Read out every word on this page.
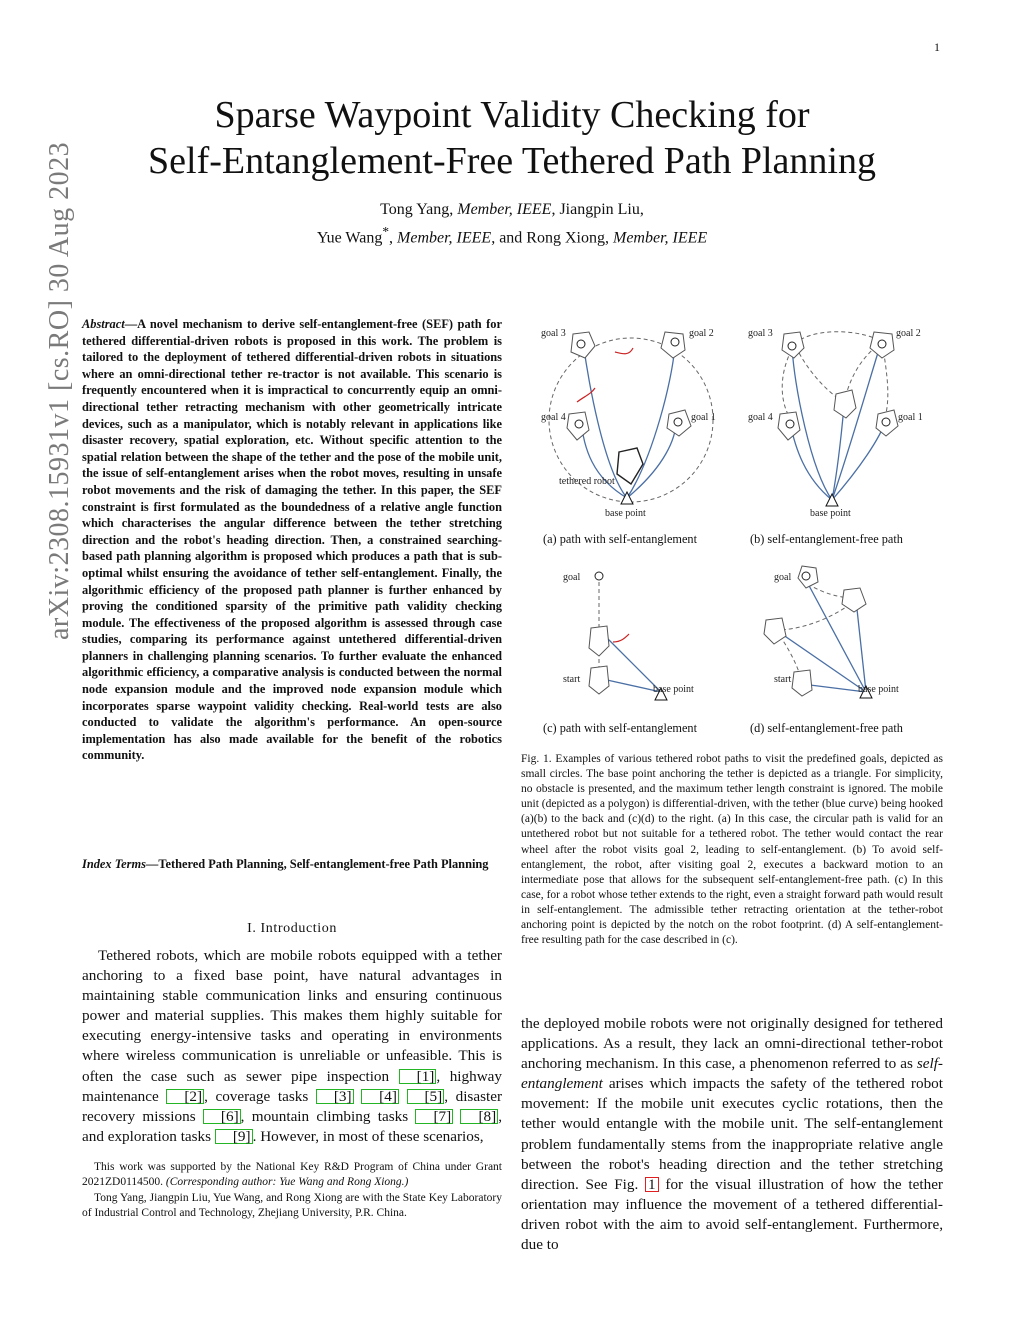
1
arXiv:2308.15931v1 [cs.RO] 30 Aug 2023
Sparse Waypoint Validity Checking for
Self-Entanglement-Free Tethered Path Planning
Tong Yang, Member, IEEE, Jiangpin Liu,
Yue Wang*, Member, IEEE, and Rong Xiong, Member, IEEE

Abstract—A novel mechanism to derive self-entanglement-free (SEF) path for tethered differential-driven robots is proposed in this work. The problem is tailored to the deployment of tethered differential-driven robots in situations where an omni-directional tether re-tractor is not available. This scenario is frequently encountered when it is impractical to concurrently equip an omni-directional tether retracting mechanism with other geometrically intricate devices, such as a manipulator, which is notably relevant in applications like disaster recovery, spatial exploration, etc. Without specific attention to the spatial relation between the shape of the tether and the pose of the mobile unit, the issue of self-entanglement arises when the robot moves, resulting in unsafe robot movements and the risk of damaging the tether. In this paper, the SEF constraint is first formulated as the boundedness of a relative angle function which characterises the angular difference between the tether stretching direction and the robot's heading direction. Then, a constrained searching-based path planning algorithm is proposed which produces a path that is sub-optimal whilst ensuring the avoidance of tether self-entanglement. Finally, the algorithmic efficiency of the proposed path planner is further enhanced by proving the conditioned sparsity of the primitive path validity checking module. The effectiveness of the proposed algorithm is assessed through case studies, comparing its performance against untethered differential-driven planners in challenging planning scenarios. To further evaluate the enhanced algorithmic efficiency, a comparative analysis is conducted between the normal node expansion module and the improved node expansion module which incorporates sparse waypoint validity checking. Real-world tests are also conducted to validate the algorithm's performance. An open-source implementation has also made available for the benefit of the robotics community.

Index Terms—Tethered Path Planning, Self-entanglement-free Path Planning

I. Introduction

Tethered robots, which are mobile robots equipped with a tether anchoring to a fixed base point, have natural advantages in maintaining stable communication links and ensuring continuous power and material supplies. This makes them highly suitable for executing energy-intensive tasks and operating in environments where wireless communication is unreliable or unfeasible. This is often the case such as sewer pipe inspection [1] , highway maintenance [2] , coverage tasks [3] [4] [5] , disaster recovery missions [6] , mountain climbing tasks [7] [8] , and exploration tasks [9] . However, in most of these scenarios,

This work was supported by the National Key R&D Program of China under Grant 2021ZD0114500. (Corresponding author: Yue Wang and Rong Xiong.)

Tong Yang, Jiangpin Liu, Yue Wang, and Rong Xiong are with the State Key Laboratory of Industrial Control and Technology, Zhejiang University, P.R. China.

goal 3	goal 2
goal 4	goal 1
tethered robot
base point
(a) path with self-entanglement
goal 3	goal 2
goal 4	goal 1
base point
(b) self-entanglement-free path
goal
start
base point
(c) path with self-entanglement
goal
start
base point
(d) self-entanglement-free path

Fig. 1. Examples of various tethered robot paths to visit the predefined goals, depicted as small circles. The base point anchoring the tether is depicted as a triangle. For simplicity, no obstacle is presented, and the maximum tether length constraint is ignored. The mobile unit (depicted as a polygon) is differential-driven, with the tether (blue curve) being hooked (a)(b) to the back and (c)(d) to the right. (a) In this case, the circular path is valid for an untethered robot but not suitable for a tethered robot. The tether would contact the rear wheel after the robot visits goal 2, leading to self-entanglement. (b) To avoid self-entanglement, the robot, after visiting goal 2, executes a backward motion to an intermediate pose that allows for the subsequent self-entanglement-free path. (c) In this case, for a robot whose tether extends to the right, even a straight forward path would result in self-entanglement. The admissible tether retracting orientation at the tether-robot anchoring point is depicted by the notch on the robot footprint. (d) A self-entanglement-free resulting path for the case described in (c).

the deployed mobile robots were not originally designed for tethered applications. As a result, they lack an omni-directional tether-robot anchoring mechanism. In this case, a phenomenon referred to as self-entanglement arises which impacts the safety of the tethered robot movement: If the mobile unit executes cyclic rotations, then the tether would entangle with the mobile unit. The self-entanglement problem fundamentally stems from the inappropriate relative angle between the robot's heading direction and the tether stretching direction. See Fig. 1 for the visual illustration of how the tether orientation may influence the movement of a tethered differential-driven robot with the aim to avoid self-entanglement. Furthermore, due to
